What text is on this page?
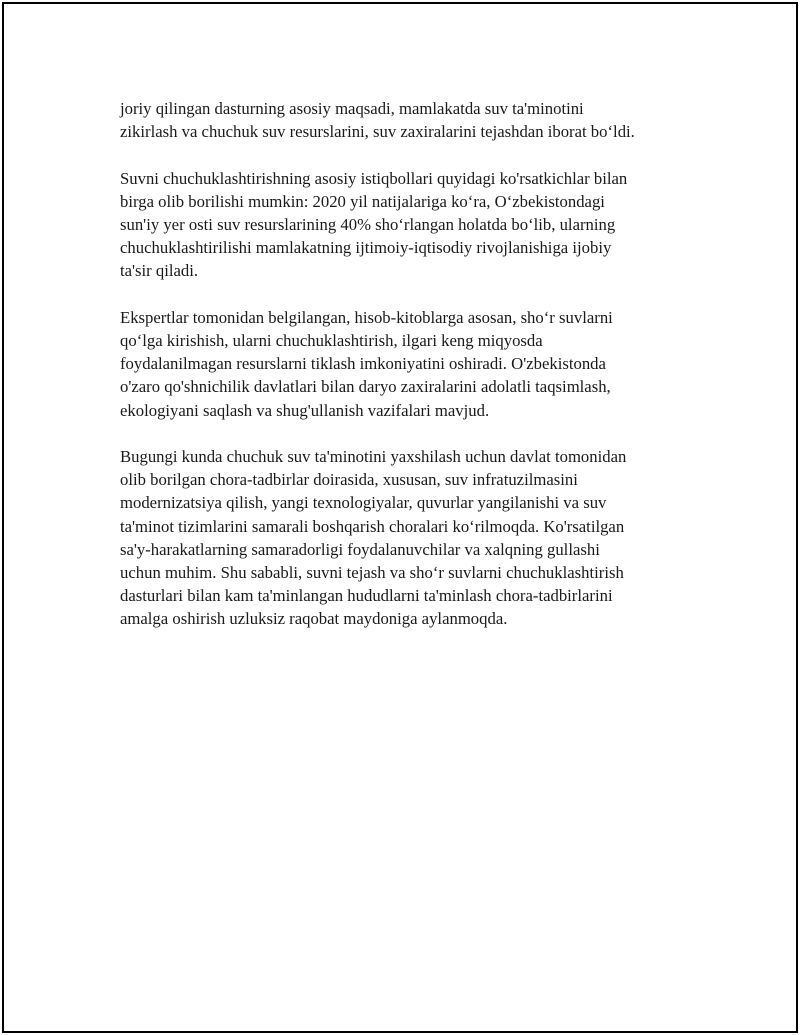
joriy qilingan dasturning asosiy maqsadi, mamlakatda suv ta'minotini
zikirlash va chuchuk suv resurslarini, suv zaxiralarini tejashdan iborat bo‘ldi.

Suvni chuchuklashtirishning asosiy istiqbollari quyidagi ko'rsatkichlar bilan
birga olib borilishi mumkin: 2020 yil natijalariga ko‘ra, O‘zbekistondagi
sun'iy yer osti suv resurslarining 40% sho‘rlangan holatda bo‘lib, ularning
chuchuklashtirilishi mamlakatning ijtimoiy-iqtisodiy rivojlanishiga ijobiy
ta'sir qiladi.

Ekspertlar tomonidan belgilangan, hisob-kitoblarga asosan, sho‘r suvlarni
qo‘lga kirishish, ularni chuchuklashtirish, ilgari keng miqyosda
foydalanilmagan resurslarni tiklash imkoniyatini oshiradi. O'zbekistonda
o'zaro qo'shnichilik davlatlari bilan daryo zaxiralarini adolatli taqsimlash,
ekologiyani saqlash va shug'ullanish vazifalari mavjud.

Bugungi kunda chuchuk suv ta'minotini yaxshilash uchun davlat tomonidan
olib borilgan chora-tadbirlar doirasida, xususan, suv infratuzilmasini
modernizatsiya qilish, yangi texnologiyalar, quvurlar yangilanishi va suv
ta'minot tizimlarini samarali boshqarish choralari ko‘rilmoqda. Ko'rsatilgan
sa'y-harakatlarning samaradorligi foydalanuvchilar va xalqning gullashi
uchun muhim. Shu sababli, suvni tejash va sho‘r suvlarni chuchuklashtirish
dasturlari bilan kam ta'minlangan hududlarni ta'minlash chora-tadbirlarini
amalga oshirish uzluksiz raqobat maydoniga aylanmoqda.
